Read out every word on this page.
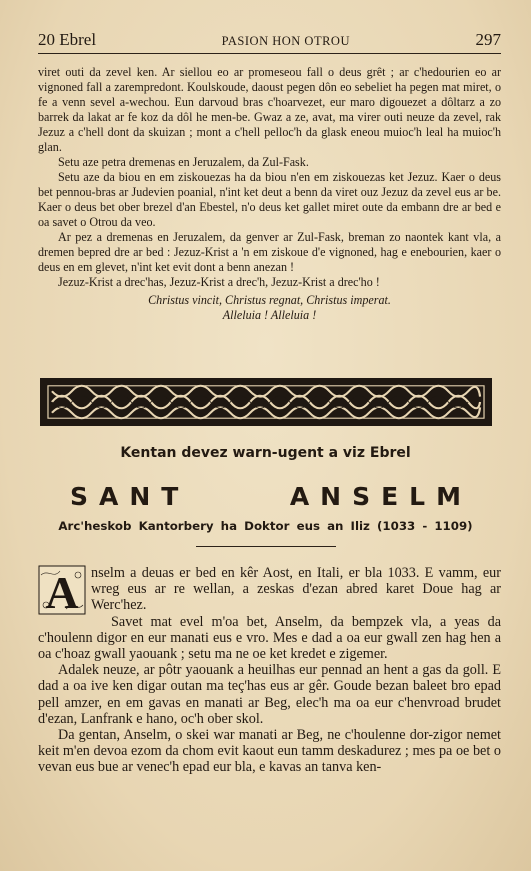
20 Ebrel	PASION HON OTROU	297

viret outi da zevel ken. Ar siellou eo ar promeseou fall o deus grêt ; ar c'hedourien eo ar vignoned fall a zarempredont. Koulskoude, daoust pegen dôn eo sebeliet ha pegen mat miret, o fe a venn sevel a-wechou. Eun darvoud bras c'hoarvezet, eur maro digouezet a dôltarz a zo barrek da lakat ar fe koz da dôl he men-be. Gwaz a ze, avat, ma virer outi neuze da zevel, rak Jezuz a c'hell dont da skuizan ; mont a c'hell pelloc'h da glask eneou muioc'h leal ha muioc'h glan.

Setu aze petra dremenas en Jeruzalem, da Zul-Fask.

Setu aze da biou en em ziskouezas ha da biou n'en em ziskouezas ket Jezuz. Kaer o deus bet pennou-bras ar Judevien poanial, n'int ket deut a benn da viret ouz Jezuz da zevel eus ar be. Kaer o deus bet ober brezel d'an Ebestel, n'o deus ket gallet miret oute da embann dre ar bed e oa savet o Otrou da veo.

Ar pez a dremenas en Jeruzalem, da genver ar Zul-Fask, breman zo naontek kant vla, a dremen bepred dre ar bed : Jezuz-Krist a 'n em ziskoue d'e vignoned, hag e enebourien, kaer o deus en em glevet, n'int ket evit dont a benn anezan !

Jezuz-Krist a drec'has, Jezuz-Krist a drec'h, Jezuz-Krist a drec'ho !

Christus vincit, Christus regnat, Christus imperat.

Alleluia ! Alleluia !

Kentan devez warn-ugent a viz Ebrel
SANT	ANSELM
Arc'heskob Kantorbery ha Doktor eus an Iliz (1033 - 1109)
A nselm a deuas er bed en kêr Aost, en Itali, er bla 1033. E vamm, eur wreg eus ar re wellan, a zeskas d'ezan abred karet Doue hag ar Werc'hez.

Savet mat evel m'oa bet, Anselm, da bempzek vla, a yeas da c'houlenn digor en eur manati eus e vro. Mes e dad a oa eur gwall zen hag hen a oa c'hoaz gwall yaouank ; setu ma ne oe ket kredet e zigemer.

Adalek neuze, ar pôtr yaouank a heuilhas eur pennad an hent a gas da goll. E dad a oa ive ken digar outan ma teç'has eus ar gêr. Goude bezan baleet bro epad pell amzer, en em gavas en manati ar Beg, elec'h ma oa eur c'henvroad brudet d'ezan, Lanfrank e hano, oc'h ober skol.

Da gentan, Anselm, o skei war manati ar Beg, ne c'houlenne dor-zigor nemet keit m'en devoa ezom da chom evit kaout eun tamm deskadurez ; mes pa oe bet o vevan eus bue ar venec'h epad eur bla, e kavas an tanva ken-
